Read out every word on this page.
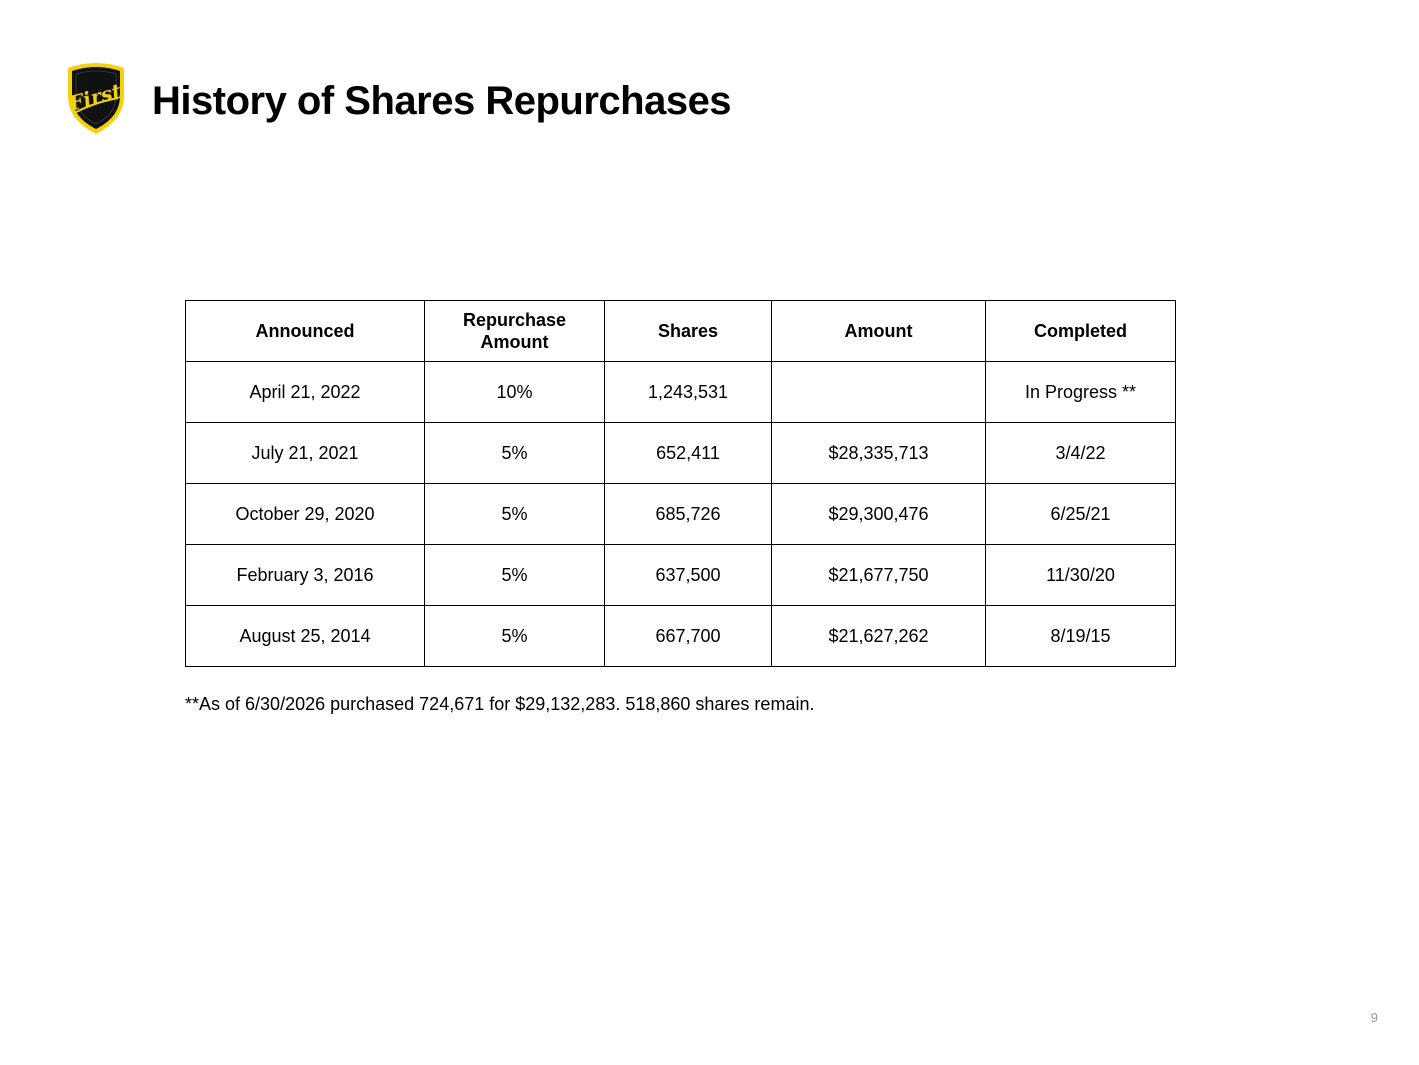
First History of Shares Repurchases
Announced	Repurchase Amount	Shares	Amount	Completed
April 21, 2022	10%	1,243,531		In Progress **
July 21, 2021	5%	652,411	$28,335,713	3/4/22
October 29, 2020	5%	685,726	$29,300,476	6/25/21
February 3, 2016	5%	637,500	$21,677,750	11/30/20
August 25, 2014	5%	667,700	$21,627,262	8/19/15
**As of 6/30/2026 purchased 724,671 for $29,132,283. 518,860 shares remain.
9
